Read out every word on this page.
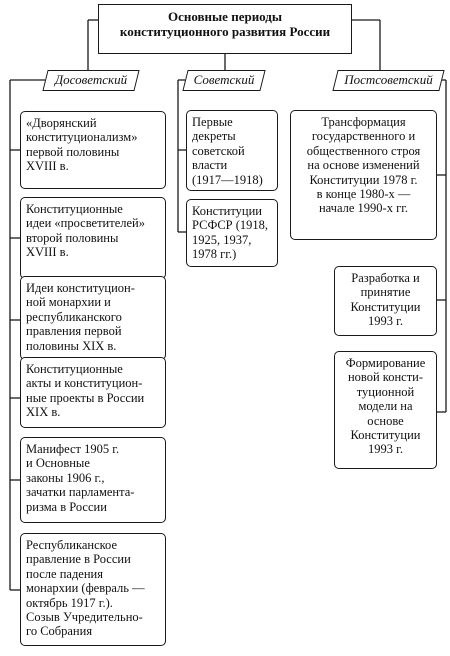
Основные периоды
конституционного развития России
Досоветский	Советский	Постсоветский
«Дворянский
конституционализм»
первой половины
XVIII в.
Конституционные
идеи «просветителей»
второй половины
XVIII в.
Идеи конституцион-
ной монархии и
республиканского
правления первой
половины XIX в.
Конституционные
акты и конституцион-
ные проекты в России
XIX в.
Манифест 1905 г.
и Основные
законы 1906 г.,
зачатки парламента-
ризма в России
Республиканское
правление в России
после падения
монархии (февраль —
октябрь 1917 г.).
Созыв Учредительно-
го Собрания
Первые
декреты
советской
власти
(1917—1918)
Конституции
РСФСР (1918,
1925, 1937,
1978 гг.)
Трансформация
государственного и
общественного строя
на основе изменений
Конституции 1978 г.
в конце 1980-х —
начале 1990-х гг.
Разработка и
принятие
Конституции
1993 г.
Формирование
новой консти-
туционной
модели на
основе
Конституции
1993 г.
